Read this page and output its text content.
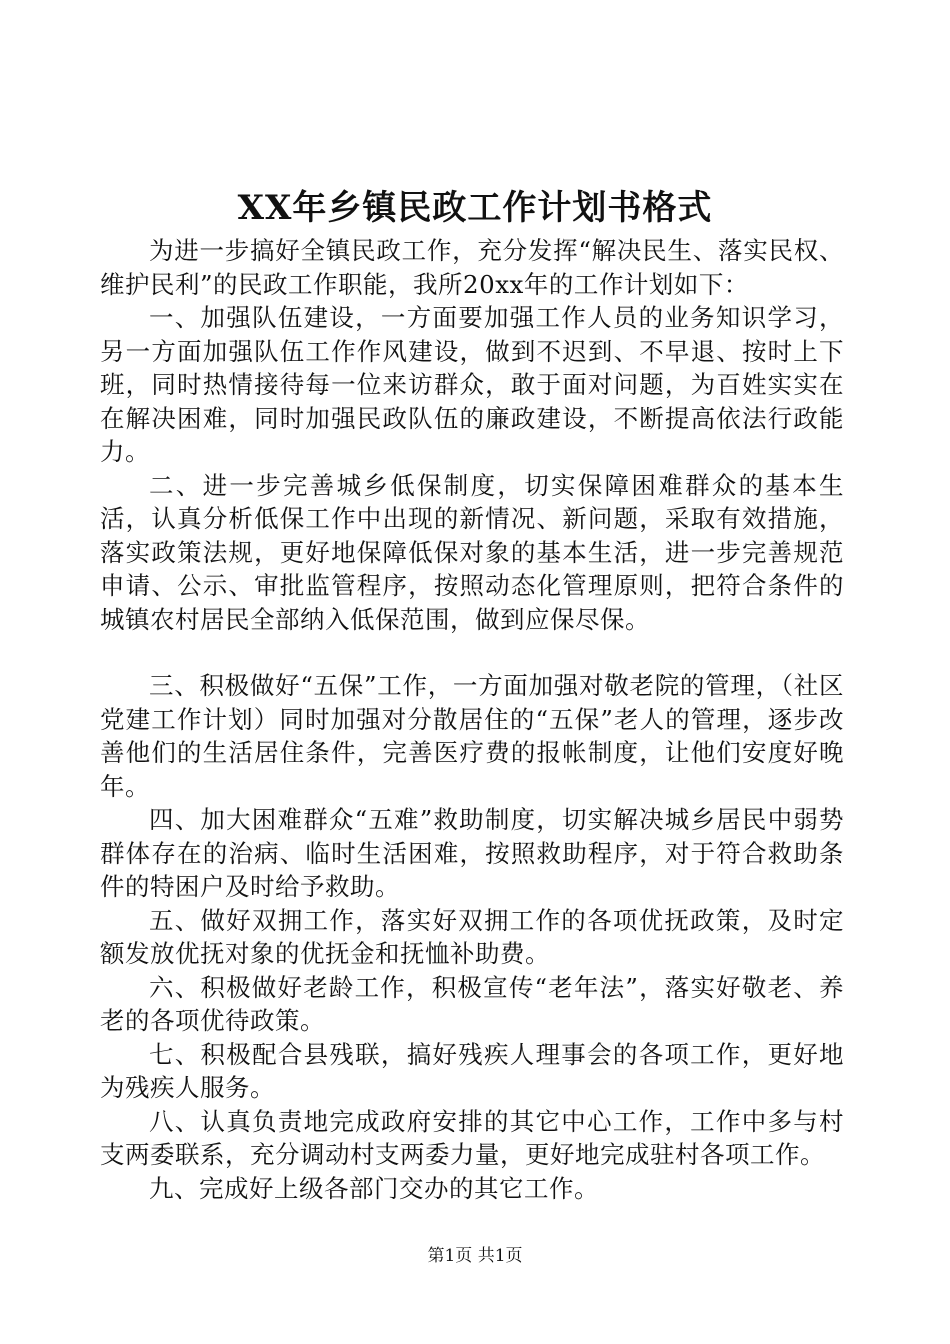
XX年乡镇民政工作计划书格式

为进一步搞好全镇民政工作，充分发挥“解决民生、落实民权、维护民利”的民政工作职能，我所20xx年的工作计划如下：

一、加强队伍建设，一方面要加强工作人员的业务知识学习，另一方面加强队伍工作作风建设，做到不迟到、不早退、按时上下班，同时热情接待每一位来访群众，敢于面对问题，为百姓实实在在解决困难，同时加强民政队伍的廉政建设，不断提高依法行政能力。

二、进一步完善城乡低保制度，切实保障困难群众的基本生活，认真分析低保工作中出现的新情况、新问题，采取有效措施，落实政策法规，更好地保障低保对象的基本生活，进一步完善规范申请、公示、审批监管程序，按照动态化管理原则，把符合条件的城镇农村居民全部纳入低保范围，做到应保尽保。

三、积极做好“五保”工作，一方面加强对敬老院的管理，（社区党建工作计划）同时加强对分散居住的“五保”老人的管理，逐步改善他们的生活居住条件，完善医疗费的报帐制度，让他们安度好晚年。

四、加大困难群众“五难”救助制度，切实解决城乡居民中弱势群体存在的治病、临时生活困难，按照救助程序，对于符合救助条件的特困户及时给予救助。

五、做好双拥工作，落实好双拥工作的各项优抚政策，及时定额发放优抚对象的优抚金和抚恤补助费。

六、积极做好老龄工作，积极宣传“老年法”，落实好敬老、养老的各项优待政策。

七、积极配合县残联，搞好残疾人理事会的各项工作，更好地为残疾人服务。

八、认真负责地完成政府安排的其它中心工作，工作中多与村支两委联系，充分调动村支两委力量，更好地完成驻村各项工作。

九、完成好上级各部门交办的其它工作。

第1页 共1页
